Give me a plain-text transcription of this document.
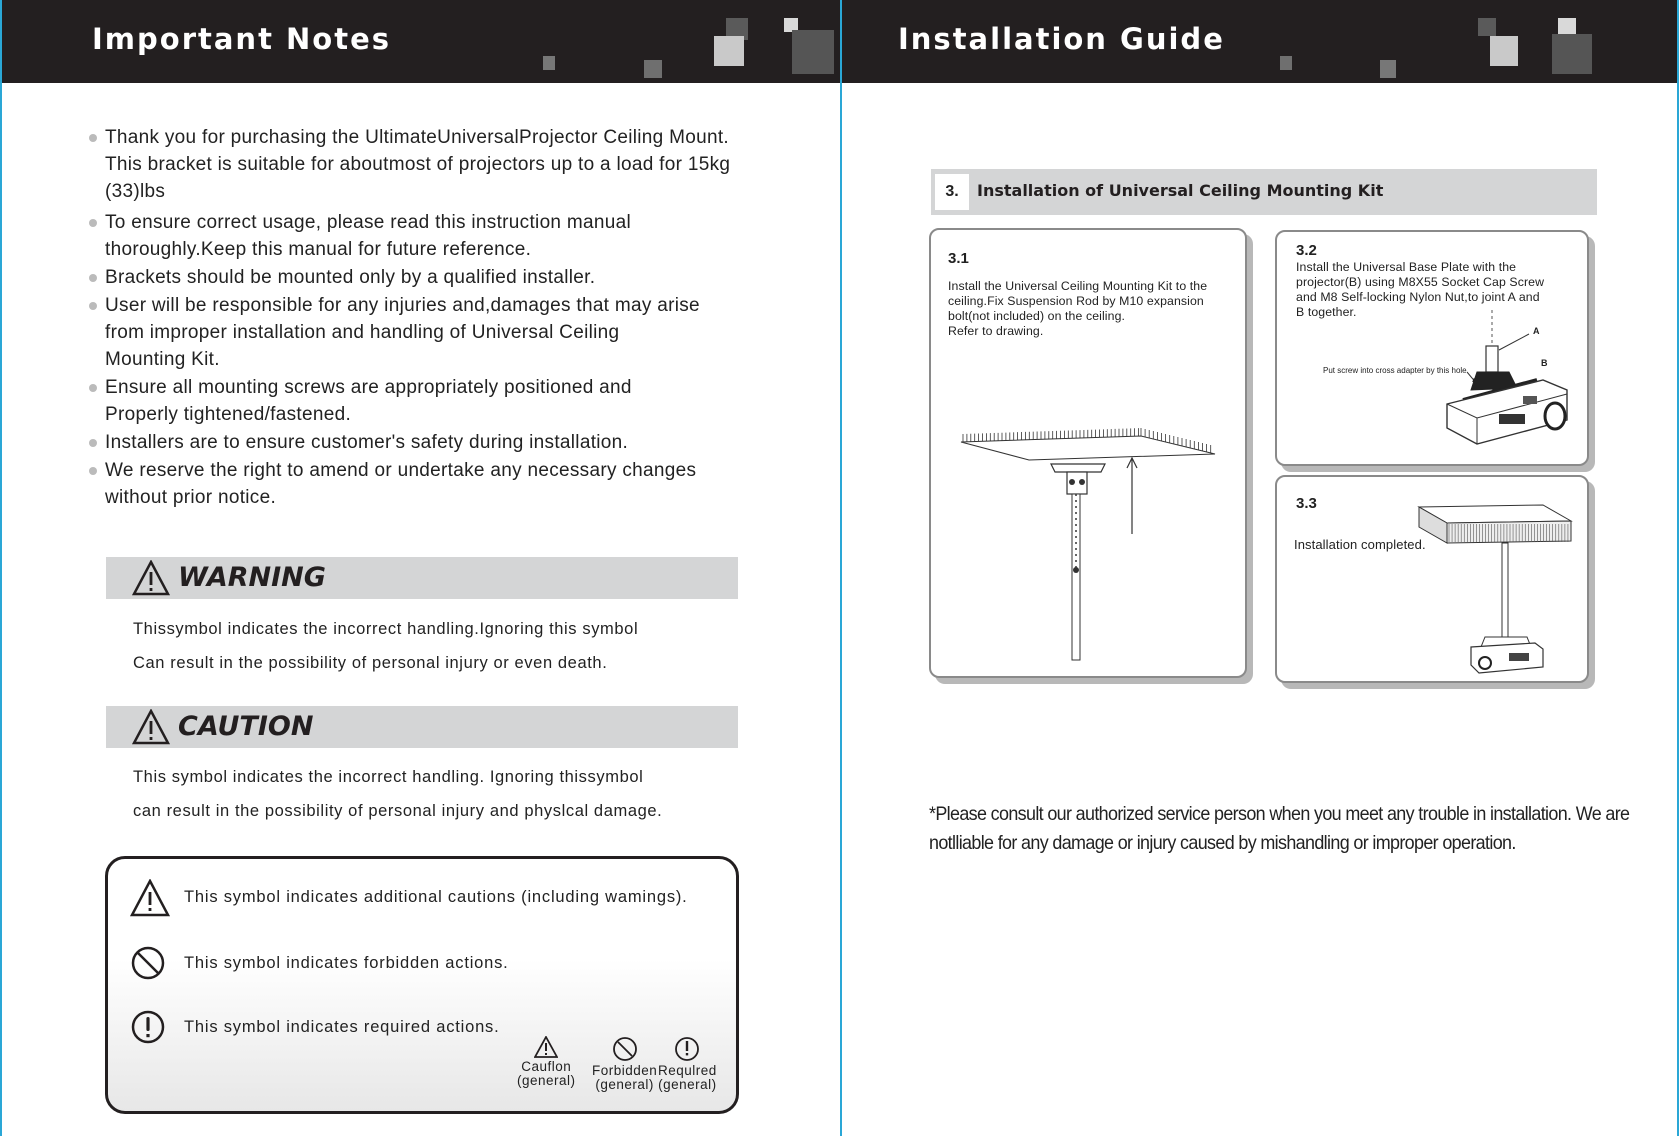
Important Notes
Thank you for purchasing the UltimateUniversalProjector Ceiling Mount.
This bracket is suitable for aboutmost of projectors up to a load for 15kg
(33)lbs
To ensure correct usage, please read this instruction manual
thoroughly.Keep this manual for future reference.
Brackets should be mounted only by a qualified installer.
User will be responsible for any injuries and,damages that may arise
from improper installation and handling of Universal Ceiling
Mounting Kit.
Ensure all mounting screws are appropriately positioned and
Properly tightened/fastened.
Installers are to ensure customer's safety during installation.
We reserve the right to amend or undertake any necessary changes
without prior notice.
WARNING
Thissymbol indicates the incorrect handling.Ignoring this symbol
Can result in the possibility of personal injury or even death.
CAUTION
This symbol indicates the incorrect handling. Ignoring thissymbol
can result in the possibility of personal injury and physlcal damage.
This symbol indicates additional cautions (including wamings).
This symbol indicates forbidden actions.
This symbol indicates required actions.
Cauflon
(general)
Forbidden
(general)
Requlred
(general)
Installation Guide
3.	Installation of Universal Ceiling Mounting Kit
3.1
Install the Universal Ceiling Mounting Kit to the
ceiling.Fix Suspension Rod by M10 expansion
bolt(not included) on the ceiling.
Refer to drawing.
3.2
Install the Universal Base Plate with the
projector(B) using M8X55 Socket Cap Screw
and M8 Self-locking Nylon Nut,to joint A and
B together.
Put screw into cross adapter by this hole
A
B
3.3
Installation completed.
*Please consult our authorized service person when you meet any trouble in installation. We are
notlliable for any damage or injury caused by mishandling or improper operation.
